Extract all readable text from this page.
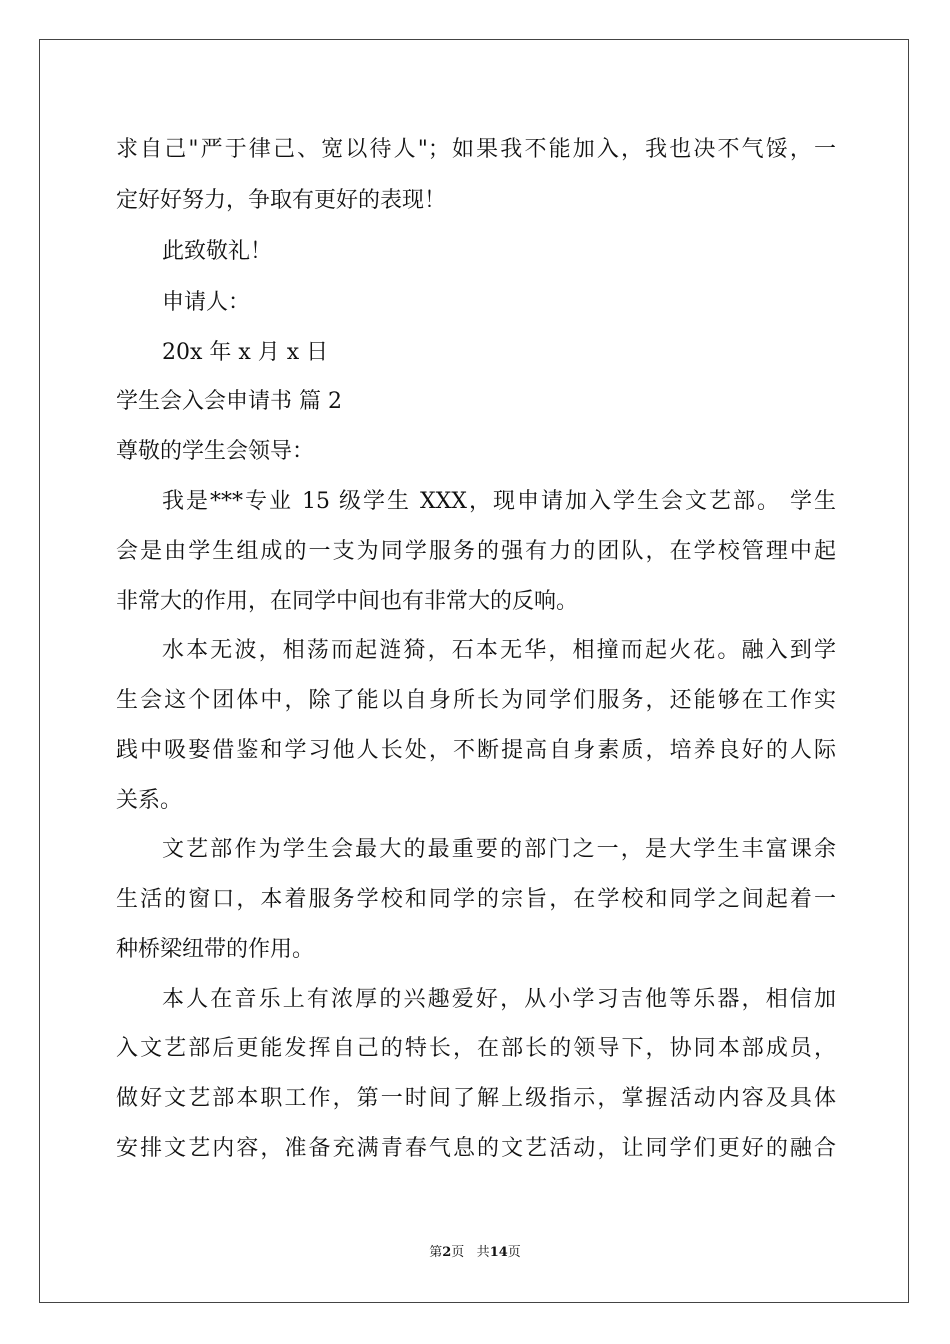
求自己"严于律己、宽以待人"；如果我不能加入，我也决不气馁，一
定好好努力，争取有更好的表现！
此致敬礼！
申请人：
20x 年 x 月 x 日
学生会入会申请书 篇 2
尊敬的学生会领导：
我是***专业 15 级学生 XXX，现申请加入学生会文艺部。 学生
会是由学生组成的一支为同学服务的强有力的团队，在学校管理中起
非常大的作用，在同学中间也有非常大的反响。
水本无波，相荡而起涟猗，石本无华，相撞而起火花。融入到学
生会这个团体中，除了能以自身所长为同学们服务，还能够在工作实
践中吸娶借鉴和学习他人长处，不断提高自身素质，培养良好的人际
关系。
文艺部作为学生会最大的最重要的部门之一，是大学生丰富课余
生活的窗口，本着服务学校和同学的宗旨，在学校和同学之间起着一
种桥梁纽带的作用。
本人在音乐上有浓厚的兴趣爱好，从小学习吉他等乐器，相信加
入文艺部后更能发挥自己的特长，在部长的领导下，协同本部成员，
做好文艺部本职工作，第一时间了解上级指示，掌握活动内容及具体
安排文艺内容，准备充满青春气息的文艺活动，让同学们更好的融合
第2页 共14页
